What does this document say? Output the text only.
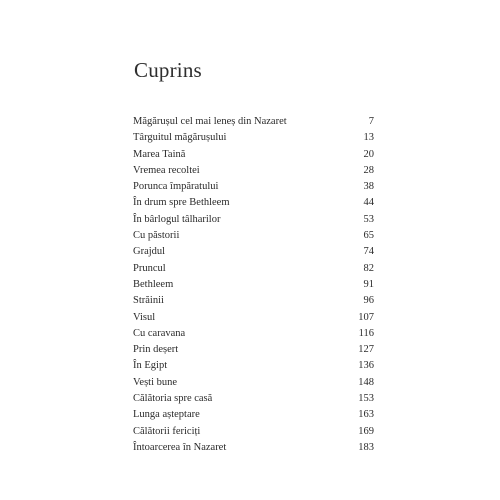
Cuprins
Măgărușul cel mai leneș din Nazaret	7
Târguitul măgărușului	13
Marea Taină	20
Vremea recoltei	28
Porunca împăratului	38
În drum spre Bethleem	44
În bârlogul tâlharilor	53
Cu păstorii	65
Grajdul	74
Pruncul	82
Bethleem	91
Străinii	96
Visul	107
Cu caravana	116
Prin deșert	127
În Egipt	136
Vești bune	148
Călătoria spre casă	153
Lunga așteptare	163
Călătorii fericiți	169
Întoarcerea în Nazaret	183
